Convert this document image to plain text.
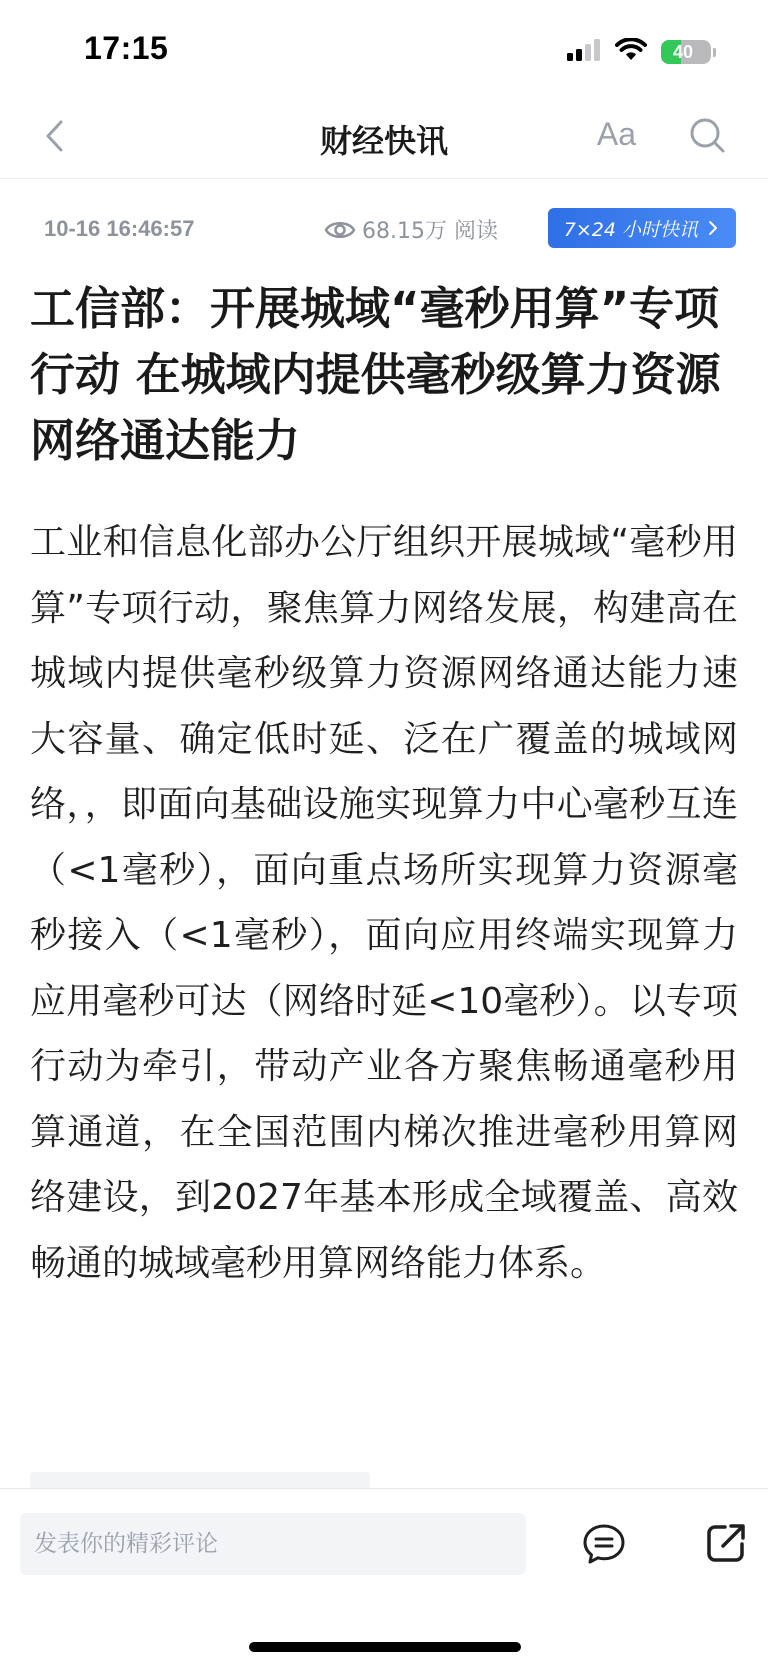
17:15	40
财经快讯	Aa
10-16 16:46:57	68.15万 阅读	7×24 小时快讯
工信部：开展城域“毫秒用算”专项行动 在城域内提供毫秒级算力资源网络通达能力

工业和信息化部办公厅组织开展城域“毫秒用算”专项行动，聚焦算力网络发展，构建高在城域内提供毫秒级算力资源网络通达能力速大容量、确定低时延、泛在广覆盖的城域网络，，即面向基础设施实现算力中心毫秒互连（<1毫秒），面向重点场所实现算力资源毫秒接入（<1毫秒），面向应用终端实现算力应用毫秒可达（网络时延<10毫秒）。以专项行动为牵引，带动产业各方聚焦畅通毫秒用算通道，在全国范围内梯次推进毫秒用算网络建设，到2027年基本形成全域覆盖、高效畅通的城域毫秒用算网络能力体系。

发表你的精彩评论
